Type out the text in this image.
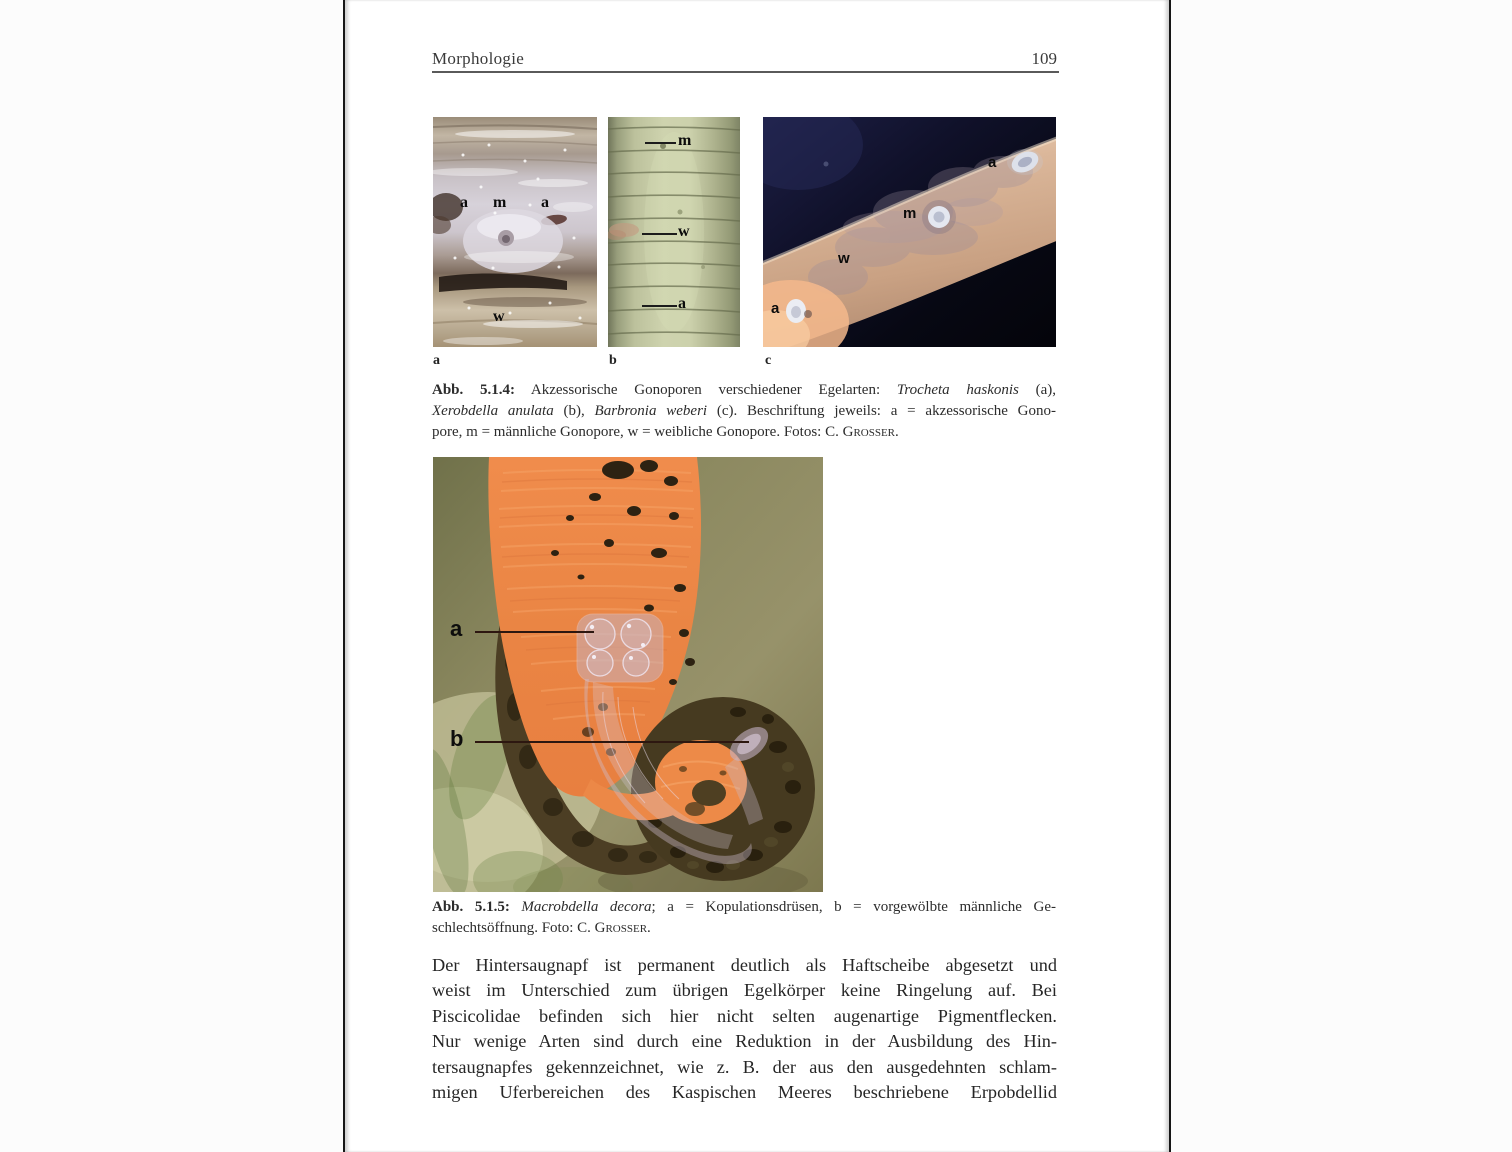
Morphologie	109
a m a
w
m
w
a
a
m
w
a
a	b	c
Abb. 5.1.4: Akzessorische Gonoporen verschiedener Egelarten: Trocheta haskonis (a),
Xerobdella anulata (b), Barbronia weberi (c). Beschriftung jeweils: a = akzessorische Gono-
pore, m = männliche Gonopore, w = weibliche Gonopore. Fotos: C. Grosser.
a
b
Abb. 5.1.5: Macrobdella decora; a = Kopulationsdrüsen, b = vorgewölbte männliche Ge-
schlechtsöffnung. Foto: C. Grosser.
Der Hintersaugnapf ist permanent deutlich als Haftscheibe abgesetzt und
weist im Unterschied zum übrigen Egelkörper keine Ringelung auf. Bei
Piscicolidae befinden sich hier nicht selten augenartige Pigmentflecken.
Nur wenige Arten sind durch eine Reduktion in der Ausbildung des Hin-
tersaugnapfes gekennzeichnet, wie z. B. der aus den ausgedehnten schlam-
migen Uferbereichen des Kaspischen Meeres beschriebene Erpobdellid
